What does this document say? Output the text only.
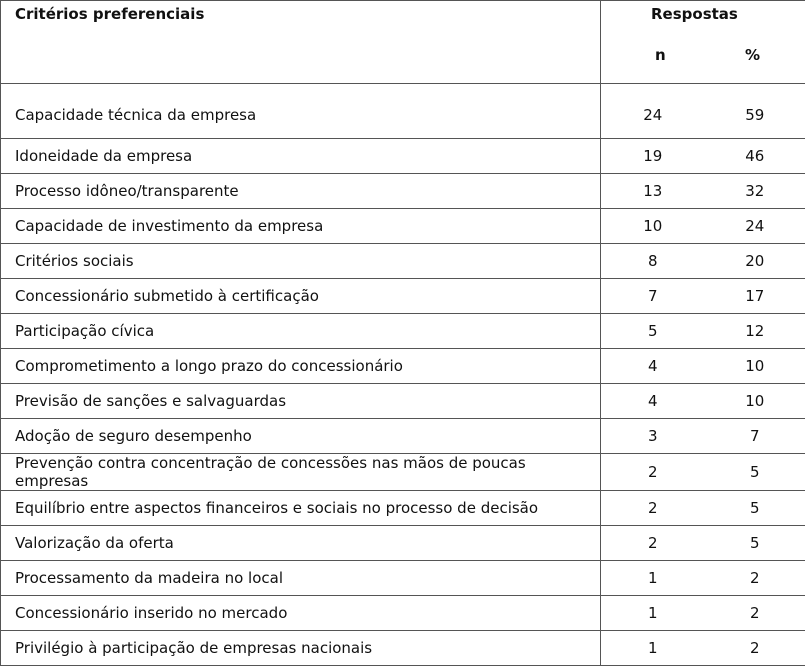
Critérios preferenciais	Respostas
n %	

Capacidade técnica da empresa	24	59
Idoneidade da empresa	19	46
Processo idôneo/transparente	13	32
Capacidade de investimento da empresa	10	24
Critérios sociais	8	20
Concessionário submetido à certificação	7	17
Participação cívica	5	12
Comprometimento a longo prazo do concessionário	4	10
Previsão de sanções e salvaguardas	4	10
Adoção de seguro desempenho	3	7
Prevenção contra concentração de concessões nas mãos de poucas empresas	2	5
Equilíbrio entre aspectos financeiros e sociais no processo de decisão	2	5
Valorização da oferta	2	5
Processamento da madeira no local	1	2
Concessionário inserido no mercado	1	2
Privilégio à participação de empresas nacionais	1	2
